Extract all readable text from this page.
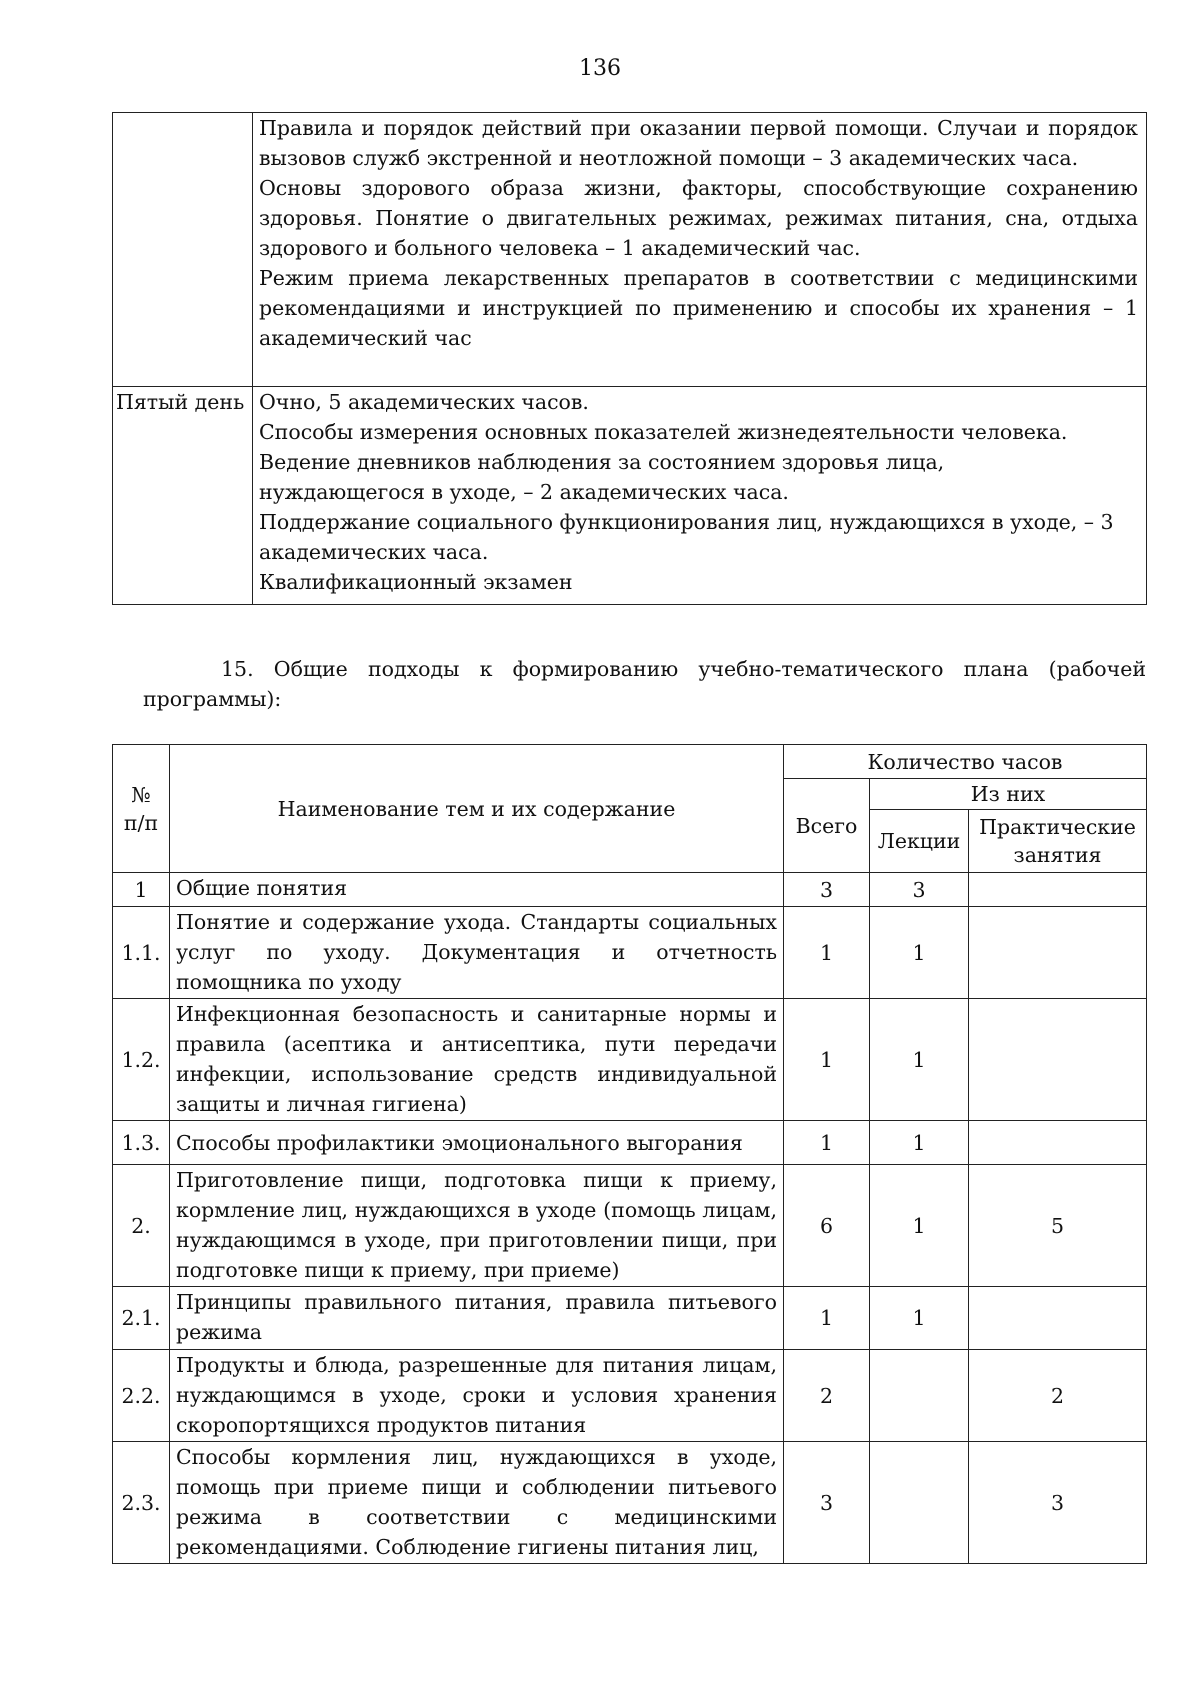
136

	Правила и порядок действий при оказании первой помощи. Случаи и порядок вызовов служб экстренной и неотложной помощи – 3 академических часа.

Основы здорового образа жизни, факторы, способствующие сохранению здоровья. Понятие о двигательных режимах, режимах питания, сна, отдыха здорового и больного человека – 1 академический час.

Режим приема лекарственных препаратов в соответствии с медицинскими рекомендациями и инструкцией по применению и способы их хранения – 1 академический час

Пятый день	Очно, 5 академических часов.

Способы измерения основных показателей жизнедеятельности человека.

Ведение дневников наблюдения за состоянием здоровья лица, нуждающегося в уходе, – 2 академических часа.

Поддержание социального функционирования лиц, нуждающихся в уходе, – 3 академических часа.

Квалификационный экзамен

15. Общие подходы к формированию учебно-тематического плана (рабочей программы):

№ п/п	Наименование тем и их содержание	Количество часов		
		Всего	Из них	
			Лекции	Практические занятия
1	Общие понятия	3	3	
1.1.	Понятие и содержание ухода. Стандарты социальных услуг по уходу. Документация и отчетность помощника по уходу	1	1	
1.2.	Инфекционная безопасность и санитарные нормы и правила (асептика и антисептика, пути передачи инфекции, использование средств индивидуальной защиты и личная гигиена)	1	1	
1.3.	Способы профилактики эмоционального выгорания	1	1	
2.	Приготовление пищи, подготовка пищи к приему, кормление лиц, нуждающихся в уходе (помощь лицам, нуждающимся в уходе, при приготовлении пищи, при подготовке пищи к приему, при приеме)	6	1	5
2.1.	Принципы правильного питания, правила питьевого режима	1	1	
2.2.	Продукты и блюда, разрешенные для питания лицам, нуждающимся в уходе, сроки и условия хранения скоропортящихся продуктов питания	2		2
2.3.	Способы кормления лиц, нуждающихся в уходе, помощь при приеме пищи и соблюдении питьевого режима в соответствии с медицинскими рекомендациями. Соблюдение гигиены питания лиц,	3		3
